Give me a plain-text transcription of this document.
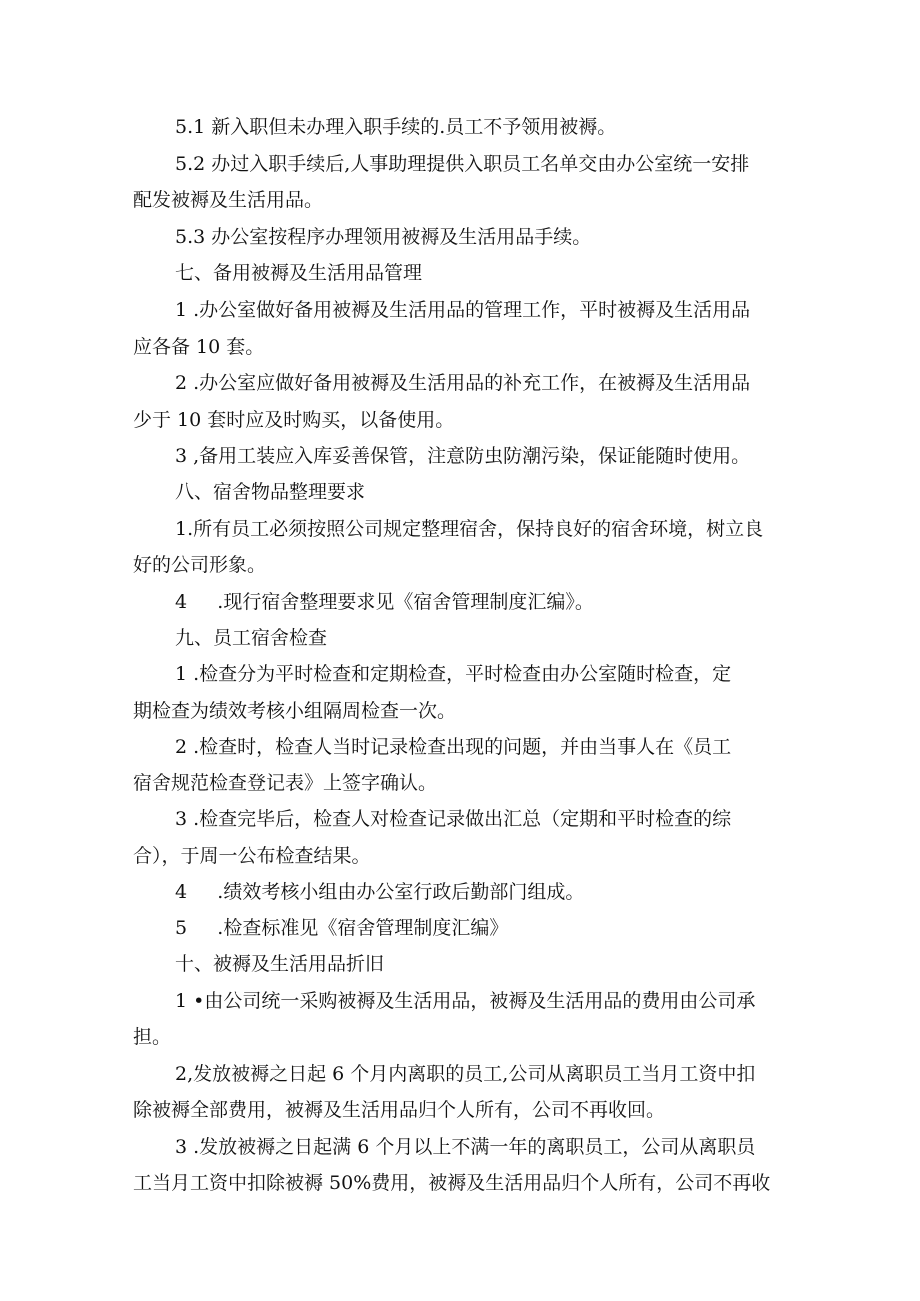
5.1 新入职但未办理入职手续的.员工不予领用被褥。
5.2 办过入职手续后,人事助理提供入职员工名单交由办公室统一安排
配发被褥及生活用品。
5.3 办公室按程序办理领用被褥及生活用品手续。
七、备用被褥及生活用品管理
1 .办公室做好备用被褥及生活用品的管理工作，平时被褥及生活用品
应各备 10 套。
2 .办公室应做好备用被褥及生活用品的补充工作，在被褥及生活用品
少于 10 套时应及时购买，以备使用。
3 ,备用工装应入库妥善保管，注意防虫防潮污染，保证能随时使用。
八、宿舍物品整理要求
1.所有员工必须按照公司规定整理宿舍，保持良好的宿舍环境，树立良
好的公司形象。
4     .现行宿舍整理要求见《宿舍管理制度汇编》。
九、员工宿舍检查
1 .检查分为平时检查和定期检查，平时检查由办公室随时检查，定
期检查为绩效考核小组隔周检查一次。
2 .检查时，检查人当时记录检查出现的问题，并由当事人在《员工
宿舍规范检查登记表》上签字确认。
3 .检查完毕后，检查人对检查记录做出汇总（定期和平时检查的综
合），于周一公布检查结果。
4     .绩效考核小组由办公室行政后勤部门组成。
5     .检查标准见《宿舍管理制度汇编》
十、被褥及生活用品折旧
1 •由公司统一采购被褥及生活用品，被褥及生活用品的费用由公司承
担。
2,发放被褥之日起 6 个月内离职的员工,公司从离职员工当月工资中扣
除被褥全部费用，被褥及生活用品归个人所有，公司不再收回。
3 .发放被褥之日起满 6 个月以上不满一年的离职员工，公司从离职员
工当月工资中扣除被褥 50%费用，被褥及生活用品归个人所有，公司不再收
